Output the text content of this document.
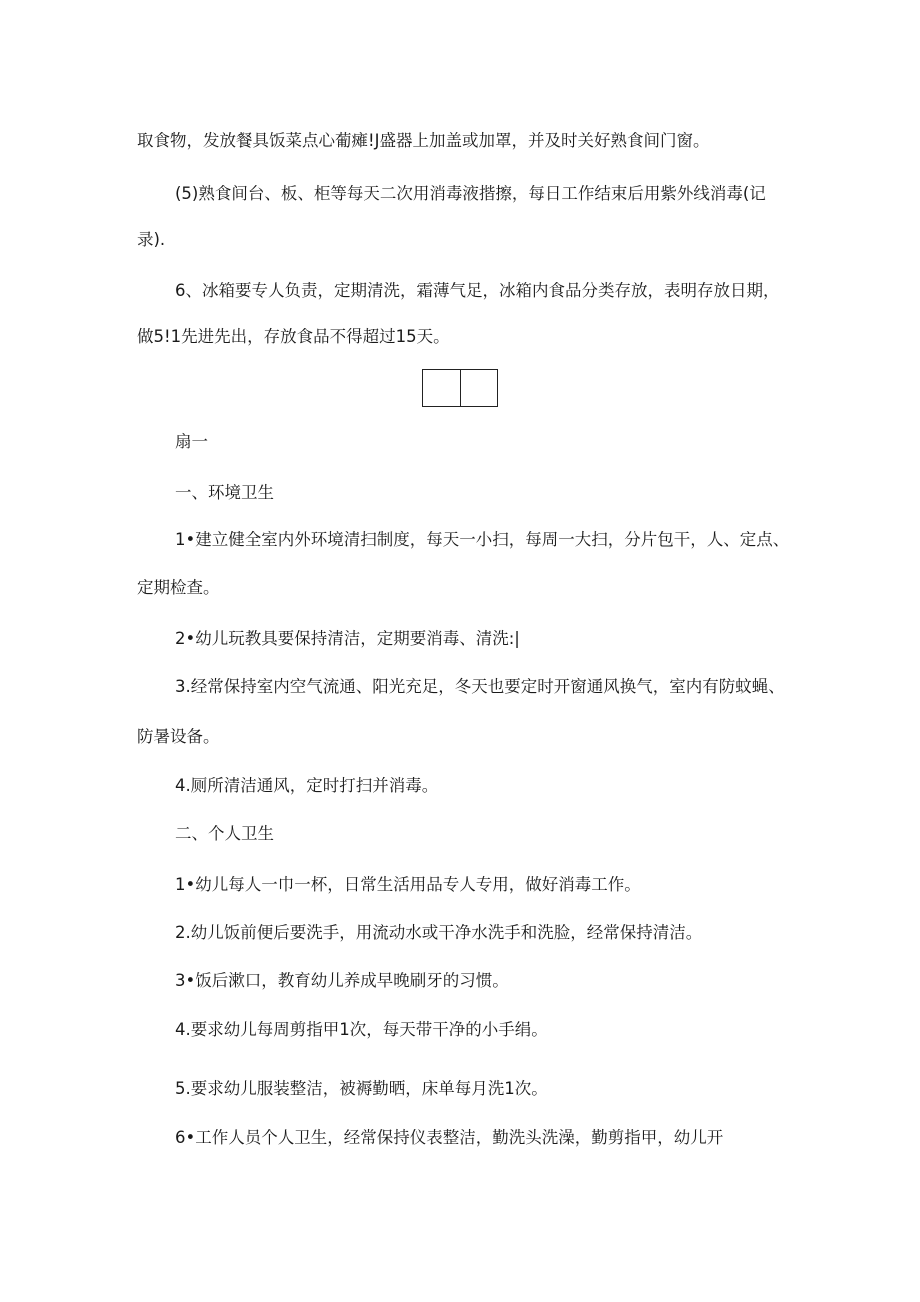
取食物，发放餐具饭菜点心葡瘫!J盛器上加盖或加罩，并及时关好熟食间门窗。
(5)熟食间台、板、柜等每天二次用消毒液揩擦，每日工作结束后用紫外线消毒(记
录).
6、冰箱要专人负责，定期清洗，霜薄气足，冰箱内食品分类存放，表明存放日期，
做5!1先进先出，存放食品不得超过15天。
扇一
一、环境卫生
1•建立健全室内外环境清扫制度，每天一小扫，每周一大扫，分片包干，人、定点、
定期检查。
2•幼儿玩教具要保持清洁，定期要消毒、清洗:|
3.经常保持室内空气流通、阳光充足，冬天也要定时开窗通风换气，室内有防蚊蝇、
防暑设备。
4.厕所清洁通风，定时打扫并消毒。
二、个人卫生
1•幼儿每人一巾一杯，日常生活用品专人专用，做好消毒工作。
2.幼儿饭前便后要洗手，用流动水或干净水洗手和洗脸，经常保持清洁。
3•饭后漱口，教育幼儿养成早晚刷牙的习惯。
4.要求幼儿每周剪指甲1次，每天带干净的小手绢。
5.要求幼儿服装整洁，被褥勤晒，床单每月洗1次。
6•工作人员个人卫生，经常保持仪表整洁，勤洗头洗澡，勤剪指甲，幼儿开
